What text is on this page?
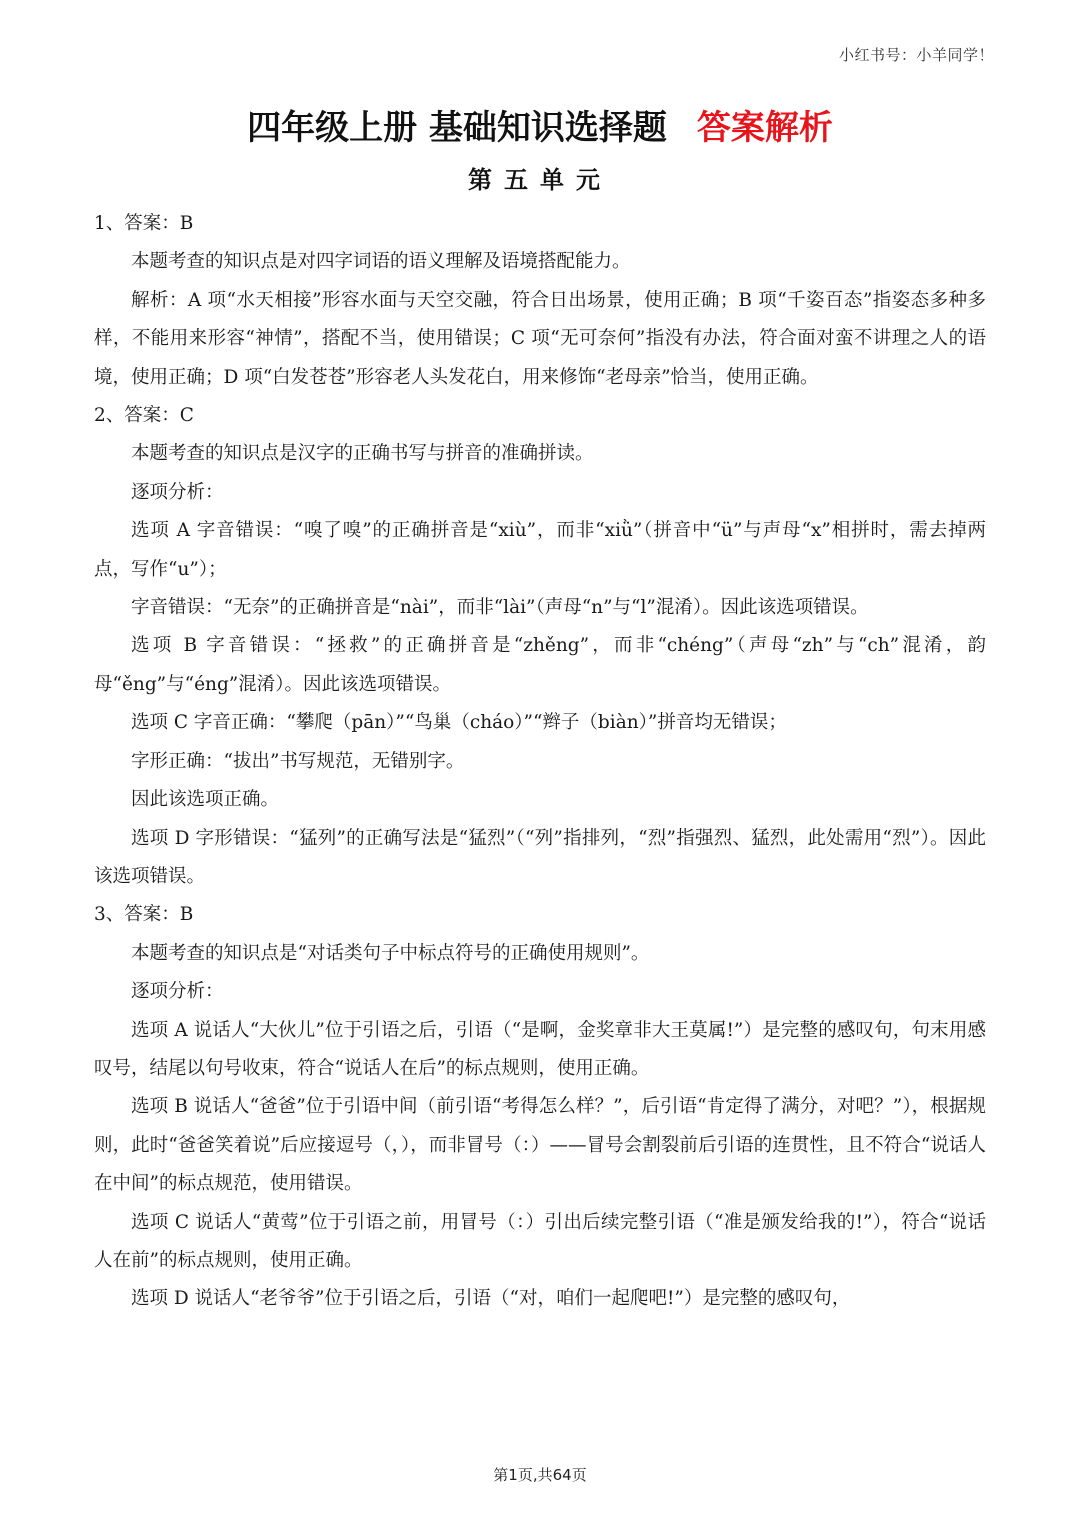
小红书号：小羊同学！
四年级上册 基础知识选择题 答案解析
第五单元

1、答案：B

本题考查的知识点是对四字词语的语义理解及语境搭配能力。

解析：A 项“水天相接”形容水面与天空交融，符合日出场景，使用正确；B 项“千姿百态”指姿态多种多样，不能用来形容“神情”，搭配不当，使用错误；C 项“无可奈何”指没有办法，符合面对蛮不讲理之人的语境，使用正确；D 项“白发苍苍”形容老人头发花白，用来修饰“老母亲”恰当，使用正确。

2、答案：C

本题考查的知识点是汉字的正确书写与拼音的准确拼读。

逐项分析：

选项 A 字音错误：“嗅了嗅”的正确拼音是“xiù”，而非“xiǜ”（拼音中“ü”与声母“x”相拼时，需去掉两点，写作“u”）；

字音错误：“无奈”的正确拼音是“nài”，而非“lài”（声母“n”与“l”混淆）。因此该选项错误。

选项 B 字音错误：“拯救”的正确拼音是“zhěng”，而非“chéng”（声母“zh”与“ch”混淆，韵母“ěng”与“éng”混淆）。因此该选项错误。

选项 C 字音正确：“攀爬（pān）”“鸟巢（cháo）”“辫子（biàn）”拼音均无错误；

字形正确：“拔出”书写规范，无错别字。

因此该选项正确。

选项 D 字形错误：“猛列”的正确写法是“猛烈”（“列”指排列，“烈”指强烈、猛烈，此处需用“烈”）。因此该选项错误。

3、答案：B

本题考查的知识点是“对话类句子中标点符号的正确使用规则”。

逐项分析：

选项 A 说话人“大伙儿”位于引语之后，引语（“是啊，金奖章非大王莫属!”）是完整的感叹句，句末用感叹号，结尾以句号收束，符合“说话人在后”的标点规则，使用正确。

选项 B 说话人“爸爸”位于引语中间（前引语“考得怎么样？”，后引语“肯定得了满分，对吧？”），根据规则，此时“爸爸笑着说”后应接逗号（，），而非冒号（：）——冒号会割裂前后引语的连贯性，且不符合“说话人在中间”的标点规范，使用错误。

选项 C 说话人“黄莺”位于引语之前，用冒号（：）引出后续完整引语（“准是颁发给我的!”），符合“说话人在前”的标点规则，使用正确。

选项 D 说话人“老爷爷”位于引语之后，引语（“对，咱们一起爬吧!”）是完整的感叹句，

第1页,共64页
